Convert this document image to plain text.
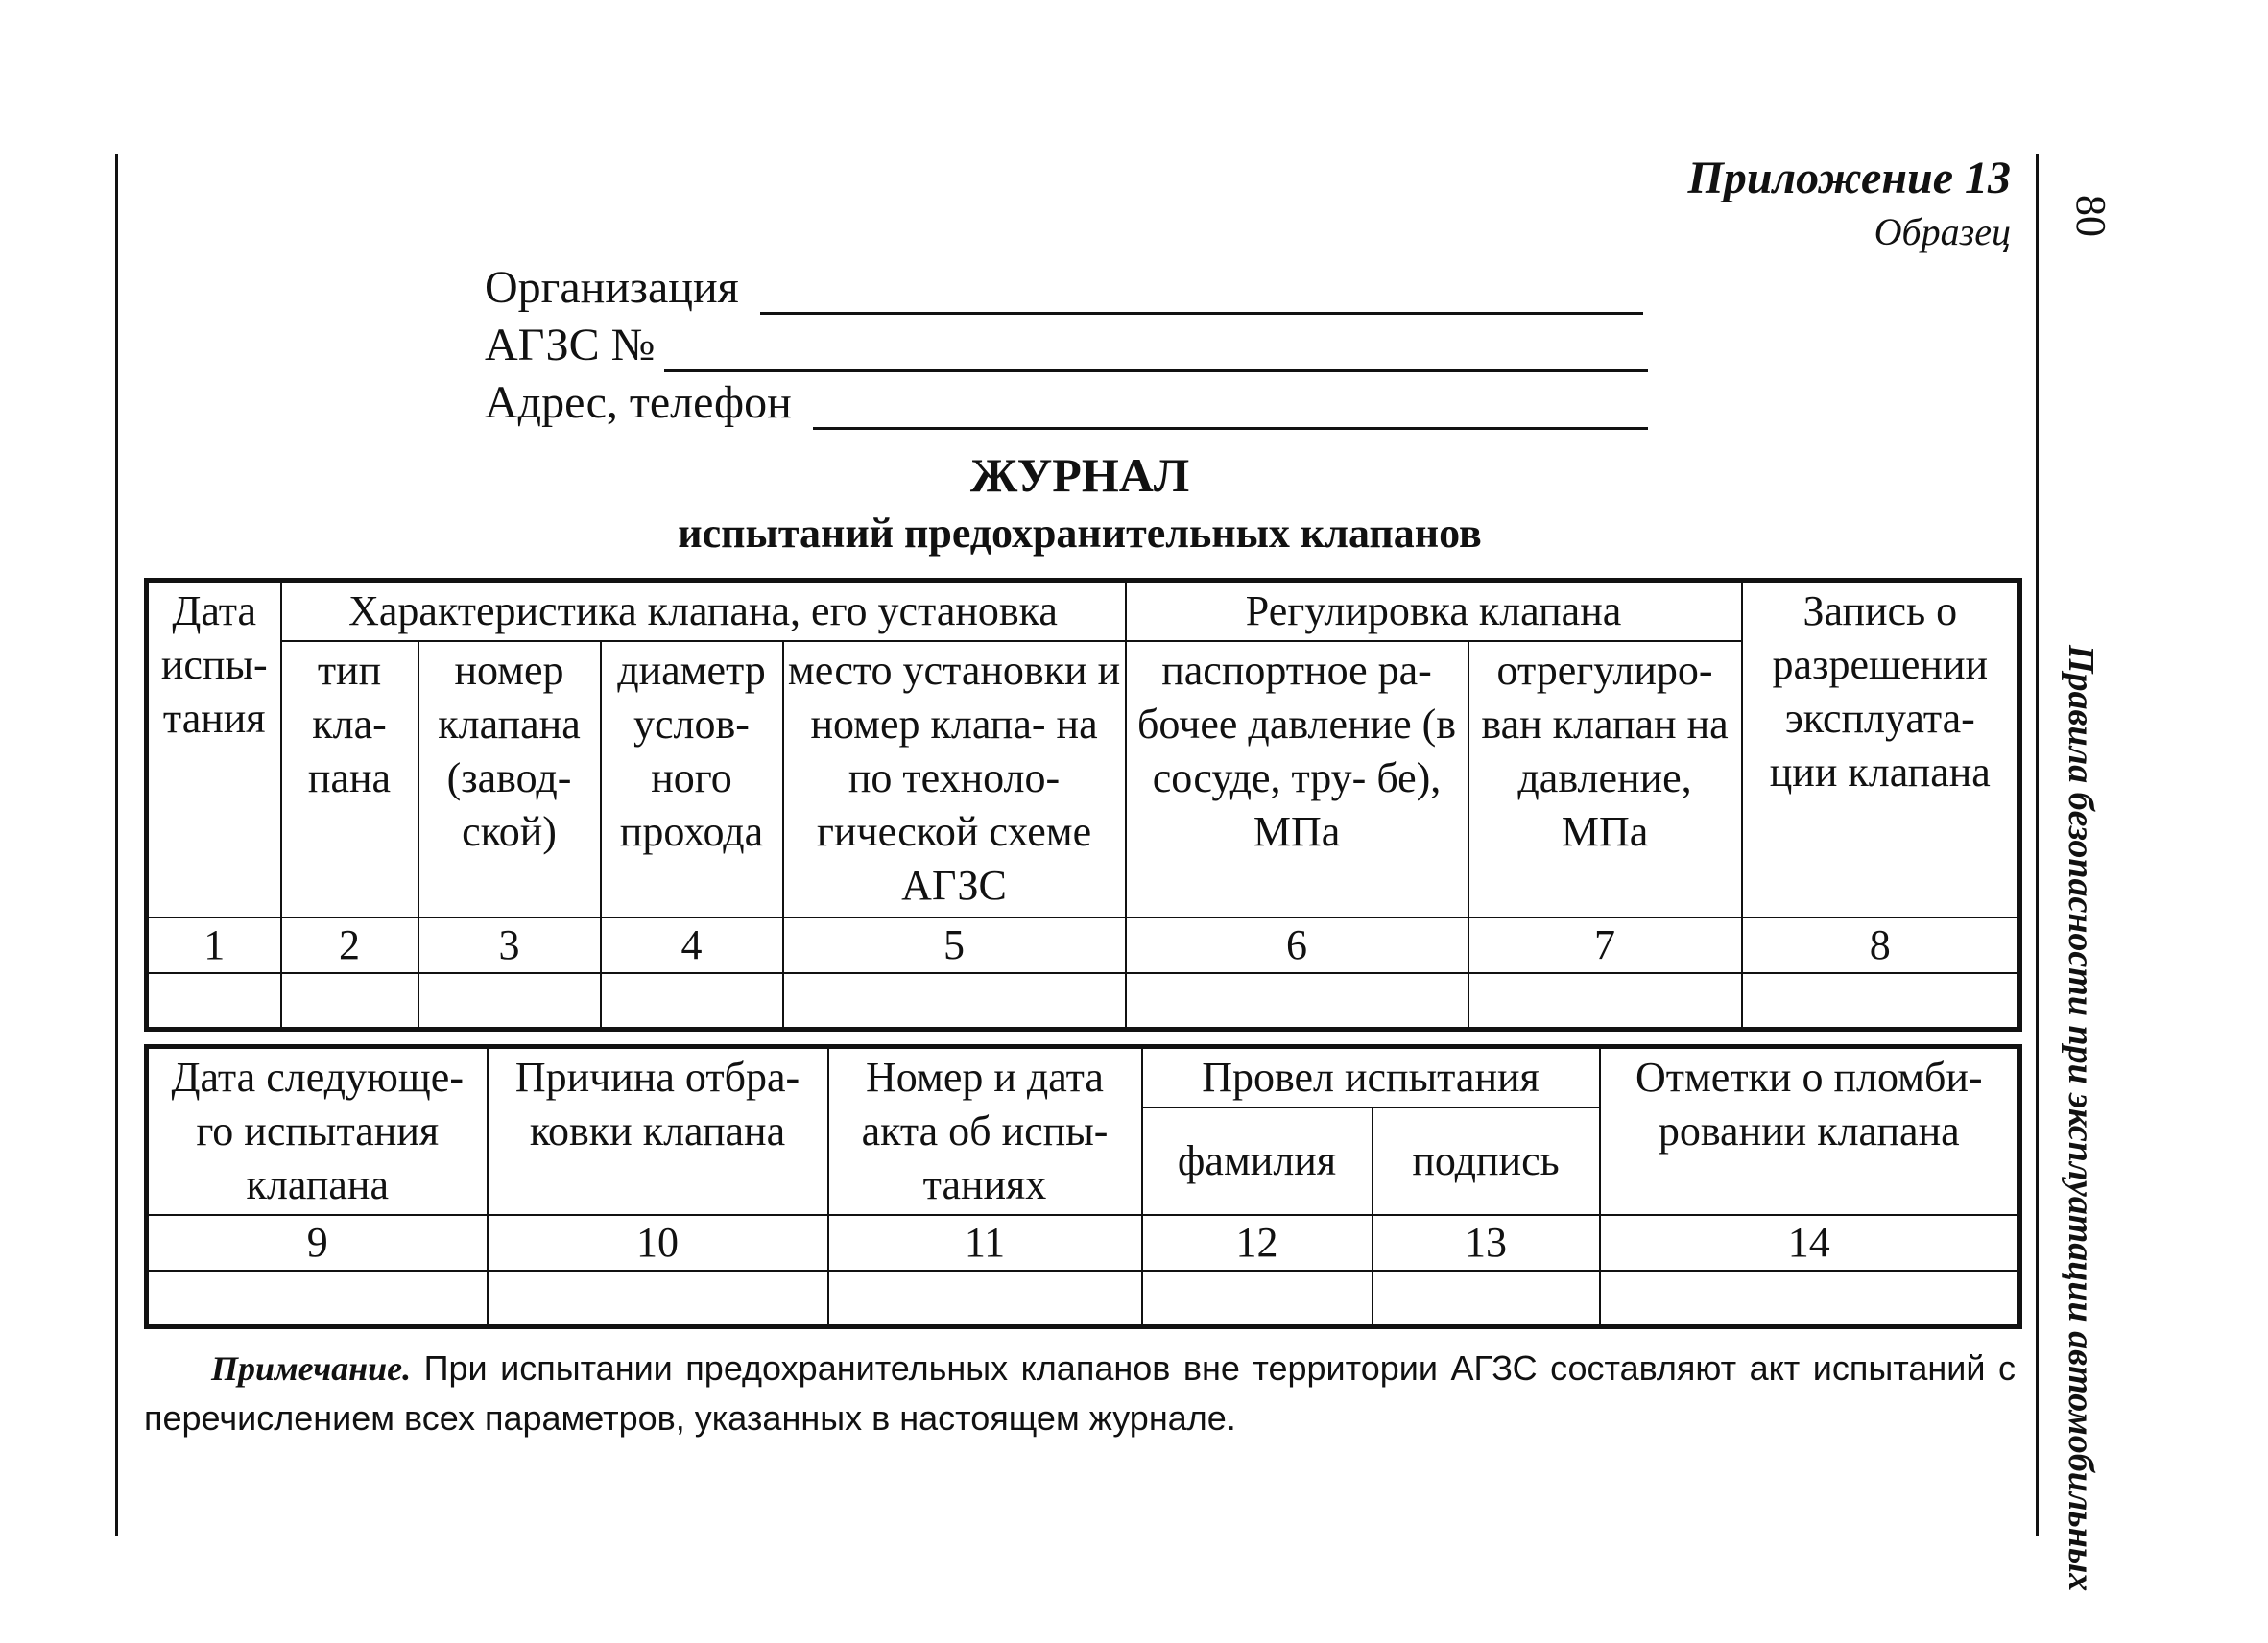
Приложение 13
Образец 80
Правила безопасности при эксплуатации автомобильных
Организация
АГЗС №
Адрес, телефон
ЖУРНАЛ
испытаний предохранительных клапанов
Дата испы- тания	Характеристика клапана, его установка				Регулировка клапана		Запись о разрешении эксплуата- ции клапана
	тип кла- пана	номер клапана (завод- ской)	диаметр услов- ного прохода	место установки и номер клапа- на по техноло- гической схеме АГЗС	паспортное ра- бочее давление (в сосуде, тру- бе), МПа	отрегулиро- ван клапан на давление, МПа	
1	2	3	4	5	6	7	8

Дата следующе- го испытания клапана	Причина отбра- ковки клапана	Номер и дата акта об испы- таниях	Провел испытания		Отметки о пломби- ровании клапана
			фамилия	подпись	
9	10	11	12	13	14

Примечание. При испытании предохранительных клапанов вне территории АГЗС составляют акт испытаний с перечислением всех параметров, указанных в настоящем журнале.
